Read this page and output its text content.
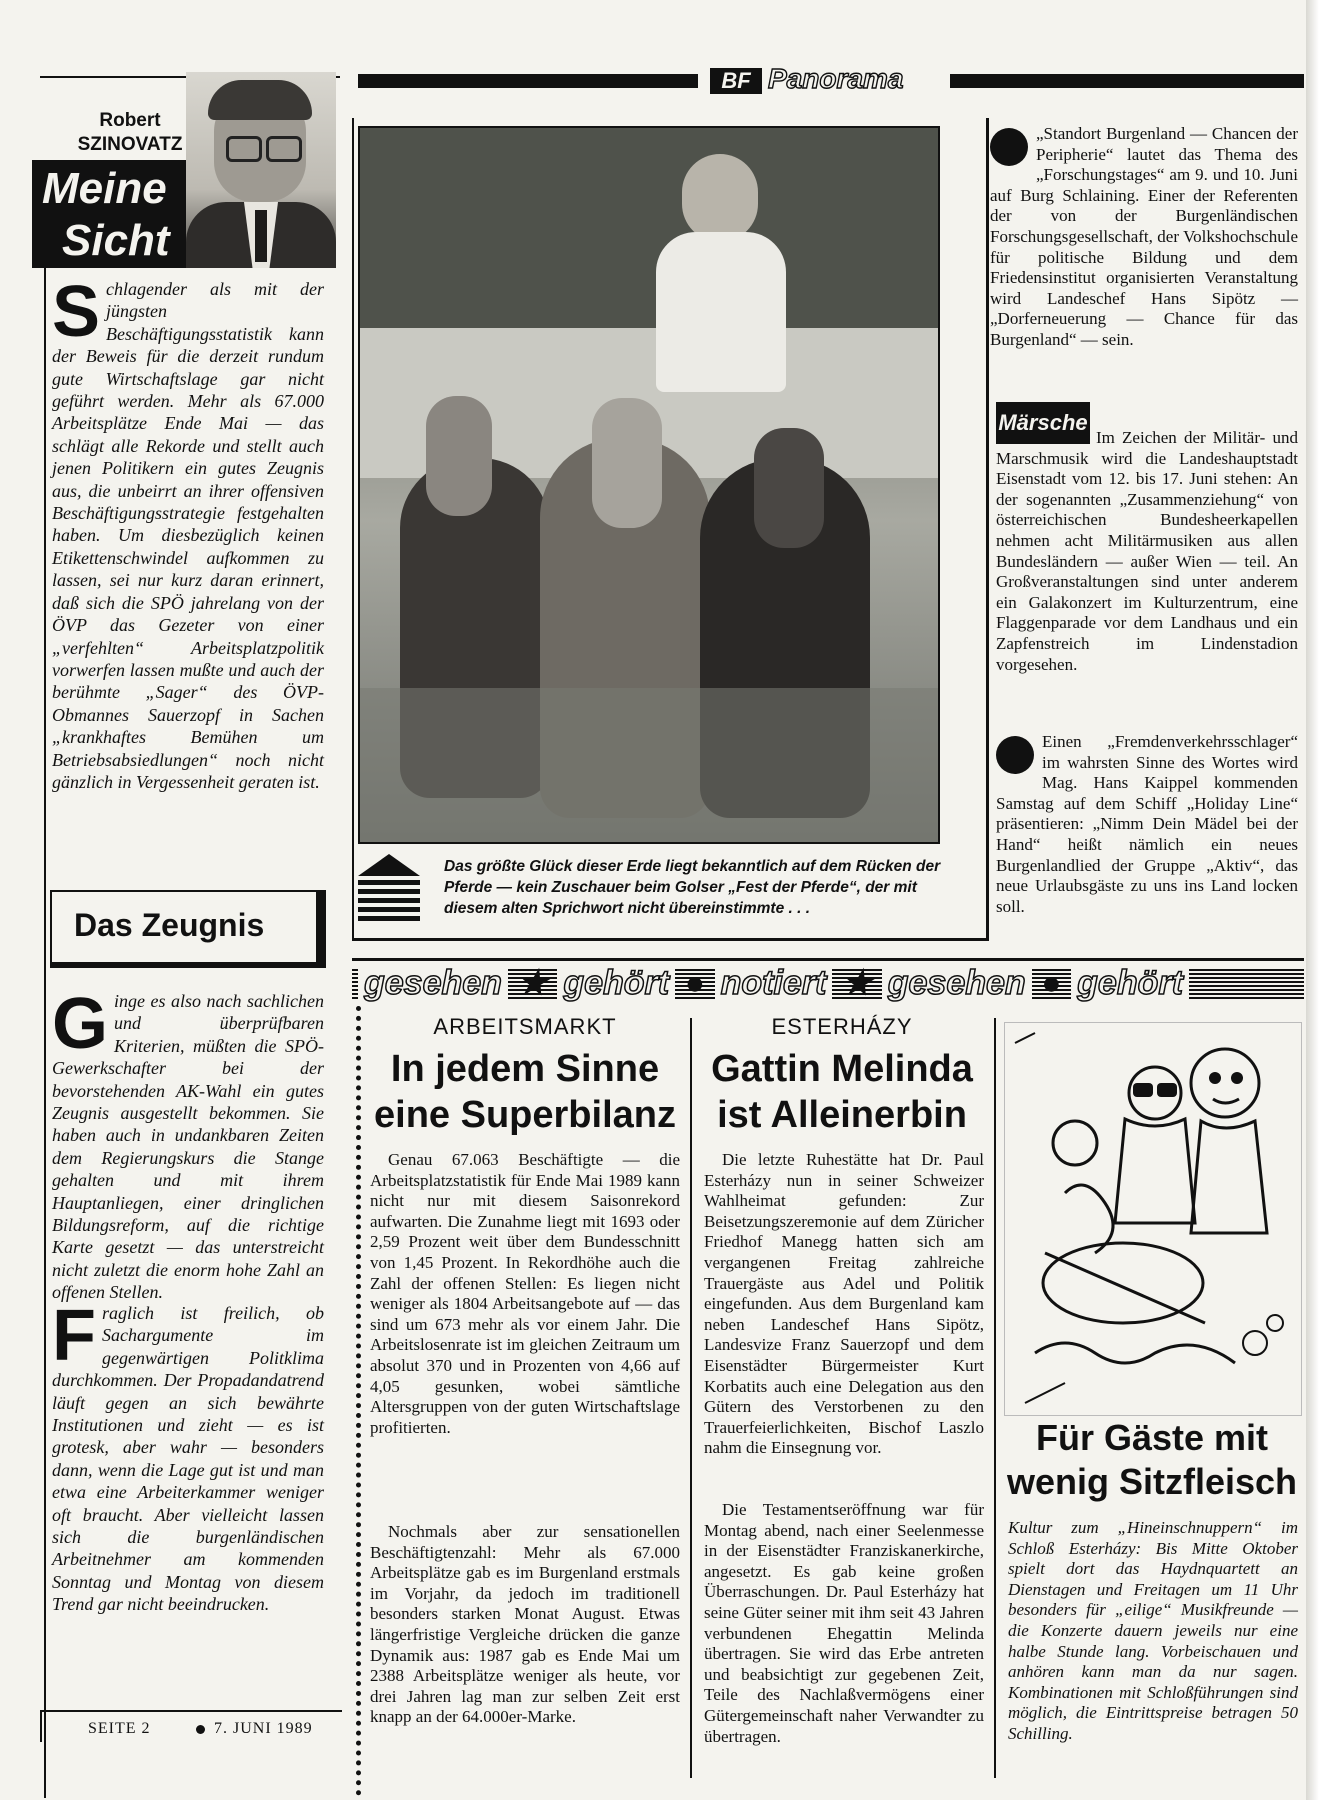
BF Panorama
Robert
SZINOVATZ
Meine
Sicht
Schlagender als mit der jüngsten Beschäftigungsstatistik kann der Beweis für die derzeit rundum gute Wirtschaftslage gar nicht geführt werden. Mehr als 67.000 Arbeitsplätze Ende Mai — das schlägt alle Rekorde und stellt auch jenen Politikern ein gutes Zeugnis aus, die unbeirrt an ihrer offensiven Beschäftigungsstrategie festgehalten haben. Um diesbezüglich keinen Etikettenschwindel aufkommen zu lassen, sei nur kurz daran erinnert, daß sich die SPÖ jahrelang von der ÖVP das Gezeter von einer „verfehlten“ Arbeitsplatzpolitik vorwerfen lassen mußte und auch der berühmte „Sager“ des ÖVP-Obmannes Sauerzopf in Sachen „krankhaftes Bemühen um Betriebsabsiedlungen“ noch nicht gänzlich in Vergessenheit geraten ist.
Das Zeugnis
Ginge es also nach sachlichen und überprüfbaren Kriterien, müßten die SPÖ-Gewerkschafter bei der bevorstehenden AK-Wahl ein gutes Zeugnis ausgestellt bekommen. Sie haben auch in undankbaren Zeiten dem Regierungskurs die Stange gehalten und mit ihrem Hauptanliegen, einer dringlichen Bildungsreform, auf die richtige Karte gesetzt — das unterstreicht nicht zuletzt die enorm hohe Zahl an offenen Stellen.
Fraglich ist freilich, ob Sachargumente im gegenwärtigen Politklima durchkommen. Der Propadandatrend läuft gegen an sich bewährte Institutionen und zieht — es ist grotesk, aber wahr — besonders dann, wenn die Lage gut ist und man etwa eine Arbeiterkammer weniger oft braucht. Aber vielleicht lassen sich die burgenländischen Arbeitnehmer am kommenden Sonntag und Montag von diesem Trend gar nicht beeindrucken.
SEITE 2	7. JUNI 1989
Das größte Glück dieser Erde liegt bekanntlich auf dem Rücken der Pferde — kein Zuschauer beim Golser „Fest der Pferde“, der mit diesem alten Sprichwort nicht übereinstimmte . . .
„Standort Burgenland — Chancen der Peripherie“ lautet das Thema des „Forschungstages“ am 9. und 10. Juni auf Burg Schlaining. Einer der Referenten der von der Burgenländischen Forschungsgesellschaft, der Volkshochschule für politische Bildung und dem Friedensinstitut organisierten Veranstaltung wird Landeschef Hans Sipötz — „Dorferneuerung — Chance für das Burgenland“ — sein.
Märsche
Im Zeichen der Militär- und Marschmusik wird die Landeshauptstadt Eisenstadt vom 12. bis 17. Juni stehen: An der sogenannten „Zusammenziehung“ von österreichischen Bundesheerkapellen nehmen acht Militärmusiken aus allen Bundesländern — außer Wien — teil. An Großveranstaltungen sind unter anderem ein Galakonzert im Kulturzentrum, eine Flaggenparade vor dem Landhaus und ein Zapfenstreich im Lindenstadion vorgesehen.
Einen „Fremdenverkehrsschlager“ im wahrsten Sinne des Wortes wird Mag. Hans Kaippel kommenden Samstag auf dem Schiff „Holiday Line“ präsentieren: „Nimm Dein Mädel bei der Hand“ heißt nämlich ein neues Burgenlandlied der Gruppe „Aktiv“, das neue Urlaubsgäste zu uns ins Land locken soll.
gesehen ★ gehört ● notiert ★ gesehen ● gehört
ARBEITSMARKT
In jedem Sinne eine Superbilanz
Genau 67.063 Beschäftigte — die Arbeitsplatzstatistik für Ende Mai 1989 kann nicht nur mit diesem Saisonrekord aufwarten. Die Zunahme liegt mit 1693 oder 2,59 Prozent weit über dem Bundesschnitt von 1,45 Prozent. In Rekordhöhe auch die Zahl der offenen Stellen: Es liegen nicht weniger als 1804 Arbeitsangebote auf — das sind um 673 mehr als vor einem Jahr. Die Arbeitslosenrate ist im gleichen Zeitraum um absolut 370 und in Prozenten von 4,66 auf 4,05 gesunken, wobei sämtliche Altersgruppen von der guten Wirtschaftslage profitierten.
Nochmals aber zur sensationellen Beschäftigtenzahl: Mehr als 67.000 Arbeitsplätze gab es im Burgenland erstmals im Vorjahr, da jedoch im traditionell besonders starken Monat August. Etwas längerfristige Vergleiche drücken die ganze Dynamik aus: 1987 gab es Ende Mai um 2388 Arbeitsplätze weniger als heute, vor drei Jahren lag man zur selben Zeit erst knapp an der 64.000er-Marke.
ESTERHÁZY
Gattin Melinda ist Alleinerbin
Die letzte Ruhestätte hat Dr. Paul Esterházy nun in seiner Schweizer Wahlheimat gefunden: Zur Beisetzungszeremonie auf dem Züricher Friedhof Manegg hatten sich am vergangenen Freitag zahlreiche Trauergäste aus Adel und Politik eingefunden. Aus dem Burgenland kam neben Landeschef Hans Sipötz, Landesvize Franz Sauerzopf und dem Eisenstädter Bürgermeister Kurt Korbatits auch eine Delegation aus den Gütern des Verstorbenen zu den Trauerfeierlichkeiten, Bischof Laszlo nahm die Einsegnung vor.
Die Testamentseröffnung war für Montag abend, nach einer Seelenmesse in der Eisenstädter Franziskanerkirche, angesetzt. Es gab keine großen Überraschungen. Dr. Paul Esterházy hat seine Güter seiner mit ihm seit 43 Jahren verbundenen Ehegattin Melinda übertragen. Sie wird das Erbe antreten und beabsichtigt zur gegebenen Zeit, Teile des Nachlaßvermögens einer Gütergemeinschaft naher Verwandter zu übertragen.
Für Gäste mit wenig Sitzfleisch
Kultur zum „Hineinschnuppern“ im Schloß Esterházy: Bis Mitte Oktober spielt dort das Haydnquartett an Dienstagen und Freitagen um 11 Uhr besonders für „eilige“ Musikfreunde — die Konzerte dauern jeweils nur eine halbe Stunde lang. Vorbeischauen und anhören kann man da nur sagen. Kombinationen mit Schloßführungen sind möglich, die Eintrittspreise betragen 50 Schilling.
